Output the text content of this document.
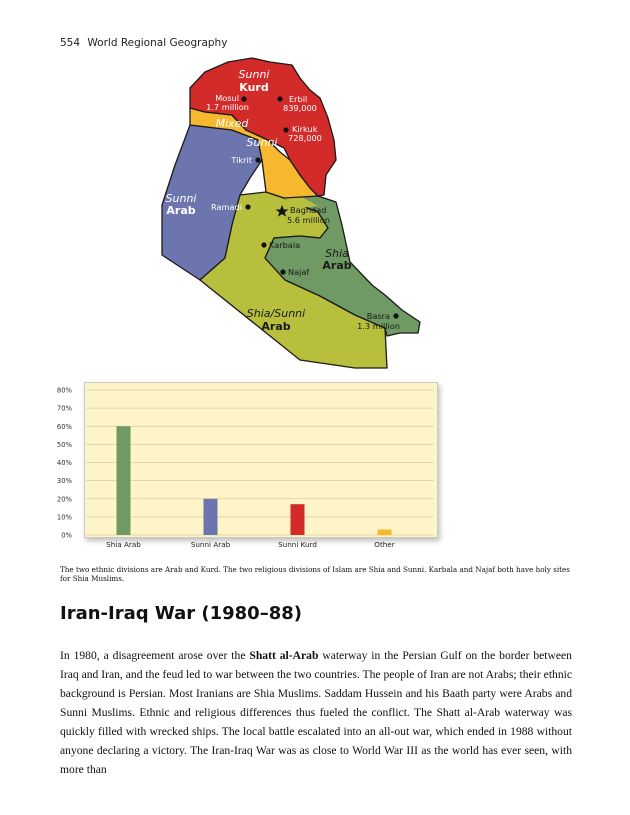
554 World Regional Geography
Sunni
Kurd
Mixed
Sunni
Sunni
Arab
Shia
Arab
Shia/Sunni
Arab
Mosul
1.7 million
Erbil
839,000
Kirkuk
728,000
Tikrit
Ramadi	Baghdad
5.6 million
Karbala
Najaf
Basra
1.3 million
0%
10%
20%
30%
40%
50%
60%
70%
80%
Shia Arab	Sunni Arab	Sunni Kurd	Other
The two ethnic divisions are Arab and Kurd. The two religious divisions of Islam are Shia and Sunni. Karbala and Najaf both have holy sites for Shia Muslims.
Iran-Iraq War (1980–88)

In 1980, a disagreement arose over the Shatt al-Arab waterway in the Persian Gulf on the border between Iraq and Iran, and the feud led to war between the two countries. The people of Iran are not Arabs; their ethnic background is Persian. Most Iranians are Shia Muslims. Saddam Hussein and his Baath party were Arabs and Sunni Muslims. Ethnic and religious differences thus fueled the conflict. The Shatt al-Arab waterway was quickly filled with wrecked ships. The local battle escalated into an all-out war, which ended in 1988 without anyone declaring a victory. The Iran-Iraq War was as close to World War III as the world has ever seen, with more than
